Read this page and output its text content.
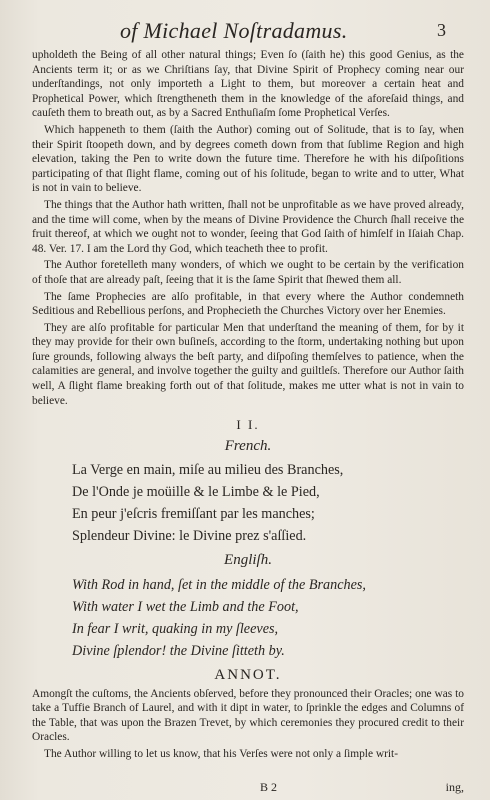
of Michael Noſtradamus.	3

upholdeth the Being of all other natural things; Even ſo (ſaith he) this good Genius, as the Ancients term it; or as we Chriſtians ſay, that Divine Spirit of Prophecy coming near our underſtandings, not only importeth a Light to them, but moreover a certain heat and Prophetical Power, which ſtrengtheneth them in the knowledge of the aforeſaid things, and cauſeth them to breath out, as by a Sacred Enthuſiaſm ſome Prophetical Verſes.

Which happeneth to them (ſaith the Author) coming out of Solitude, that is to ſay, when their Spirit ſtoopeth down, and by degrees cometh down from that ſublime Region and high elevation, taking the Pen to write down the future time. Therefore he with his diſpoſitions participating of that ſlight flame, coming out of his ſolitude, began to write and to utter, What is not in vain to believe.

The things that the Author hath written, ſhall not be unprofitable as we have proved already, and the time will come, when by the means of Divine Providence the Church ſhall receive the fruit thereof, at which we ought not to wonder, ſeeing that God ſaith of himſelf in Iſaiah Chap. 48. Ver. 17. I am the Lord thy God, which teacheth thee to profit.

The Author foretelleth many wonders, of which we ought to be certain by the verification of thoſe that are already paſt, ſeeing that it is the ſame Spirit that ſhewed them all.

The ſame Prophecies are alſo profitable, in that every where the Author condemneth Seditious and Rebellious perſons, and Prophecieth the Churches Victory over her Enemies.

They are alſo profitable for particular Men that underſtand the meaning of them, for by it they may provide for their own buſineſs, according to the ſtorm, undertaking nothing but upon ſure grounds, following always the beſt party, and diſpoſing themſelves to patience, when the calamities are general, and involve together the guilty and guiltleſs. Therefore our Author ſaith well, A ſlight flame breaking forth out of that ſolitude, makes me utter what is not in vain to believe.

I I.
French.
La Verge en main, miſe au milieu des Branches,
De l'Onde je moüille & le Limbe & le Pied,
En peur j'eſcris fremiſſant par les manches;
Splendeur Divine: le Divine prez s'aſſied.
Engliſh.
With Rod in hand, ſet in the middle of the Branches,
With water I wet the Limb and the Foot,
In fear I writ, quaking in my ſleeves,
Divine ſplendor! the Divine ſitteth by.
ANNOT.

Amongſt the cuſtoms, the Ancients obſerved, before they pronounced their Oracles; one was to take a Tuffie Branch of Laurel, and with it dipt in water, to ſprinkle the edges and Columns of the Table, that was upon the Brazen Trevet, by which ceremonies they procured credit to their Oracles.

The Author willing to let us know, that his Verſes were not only a ſimple writ-

B 2	ing,
